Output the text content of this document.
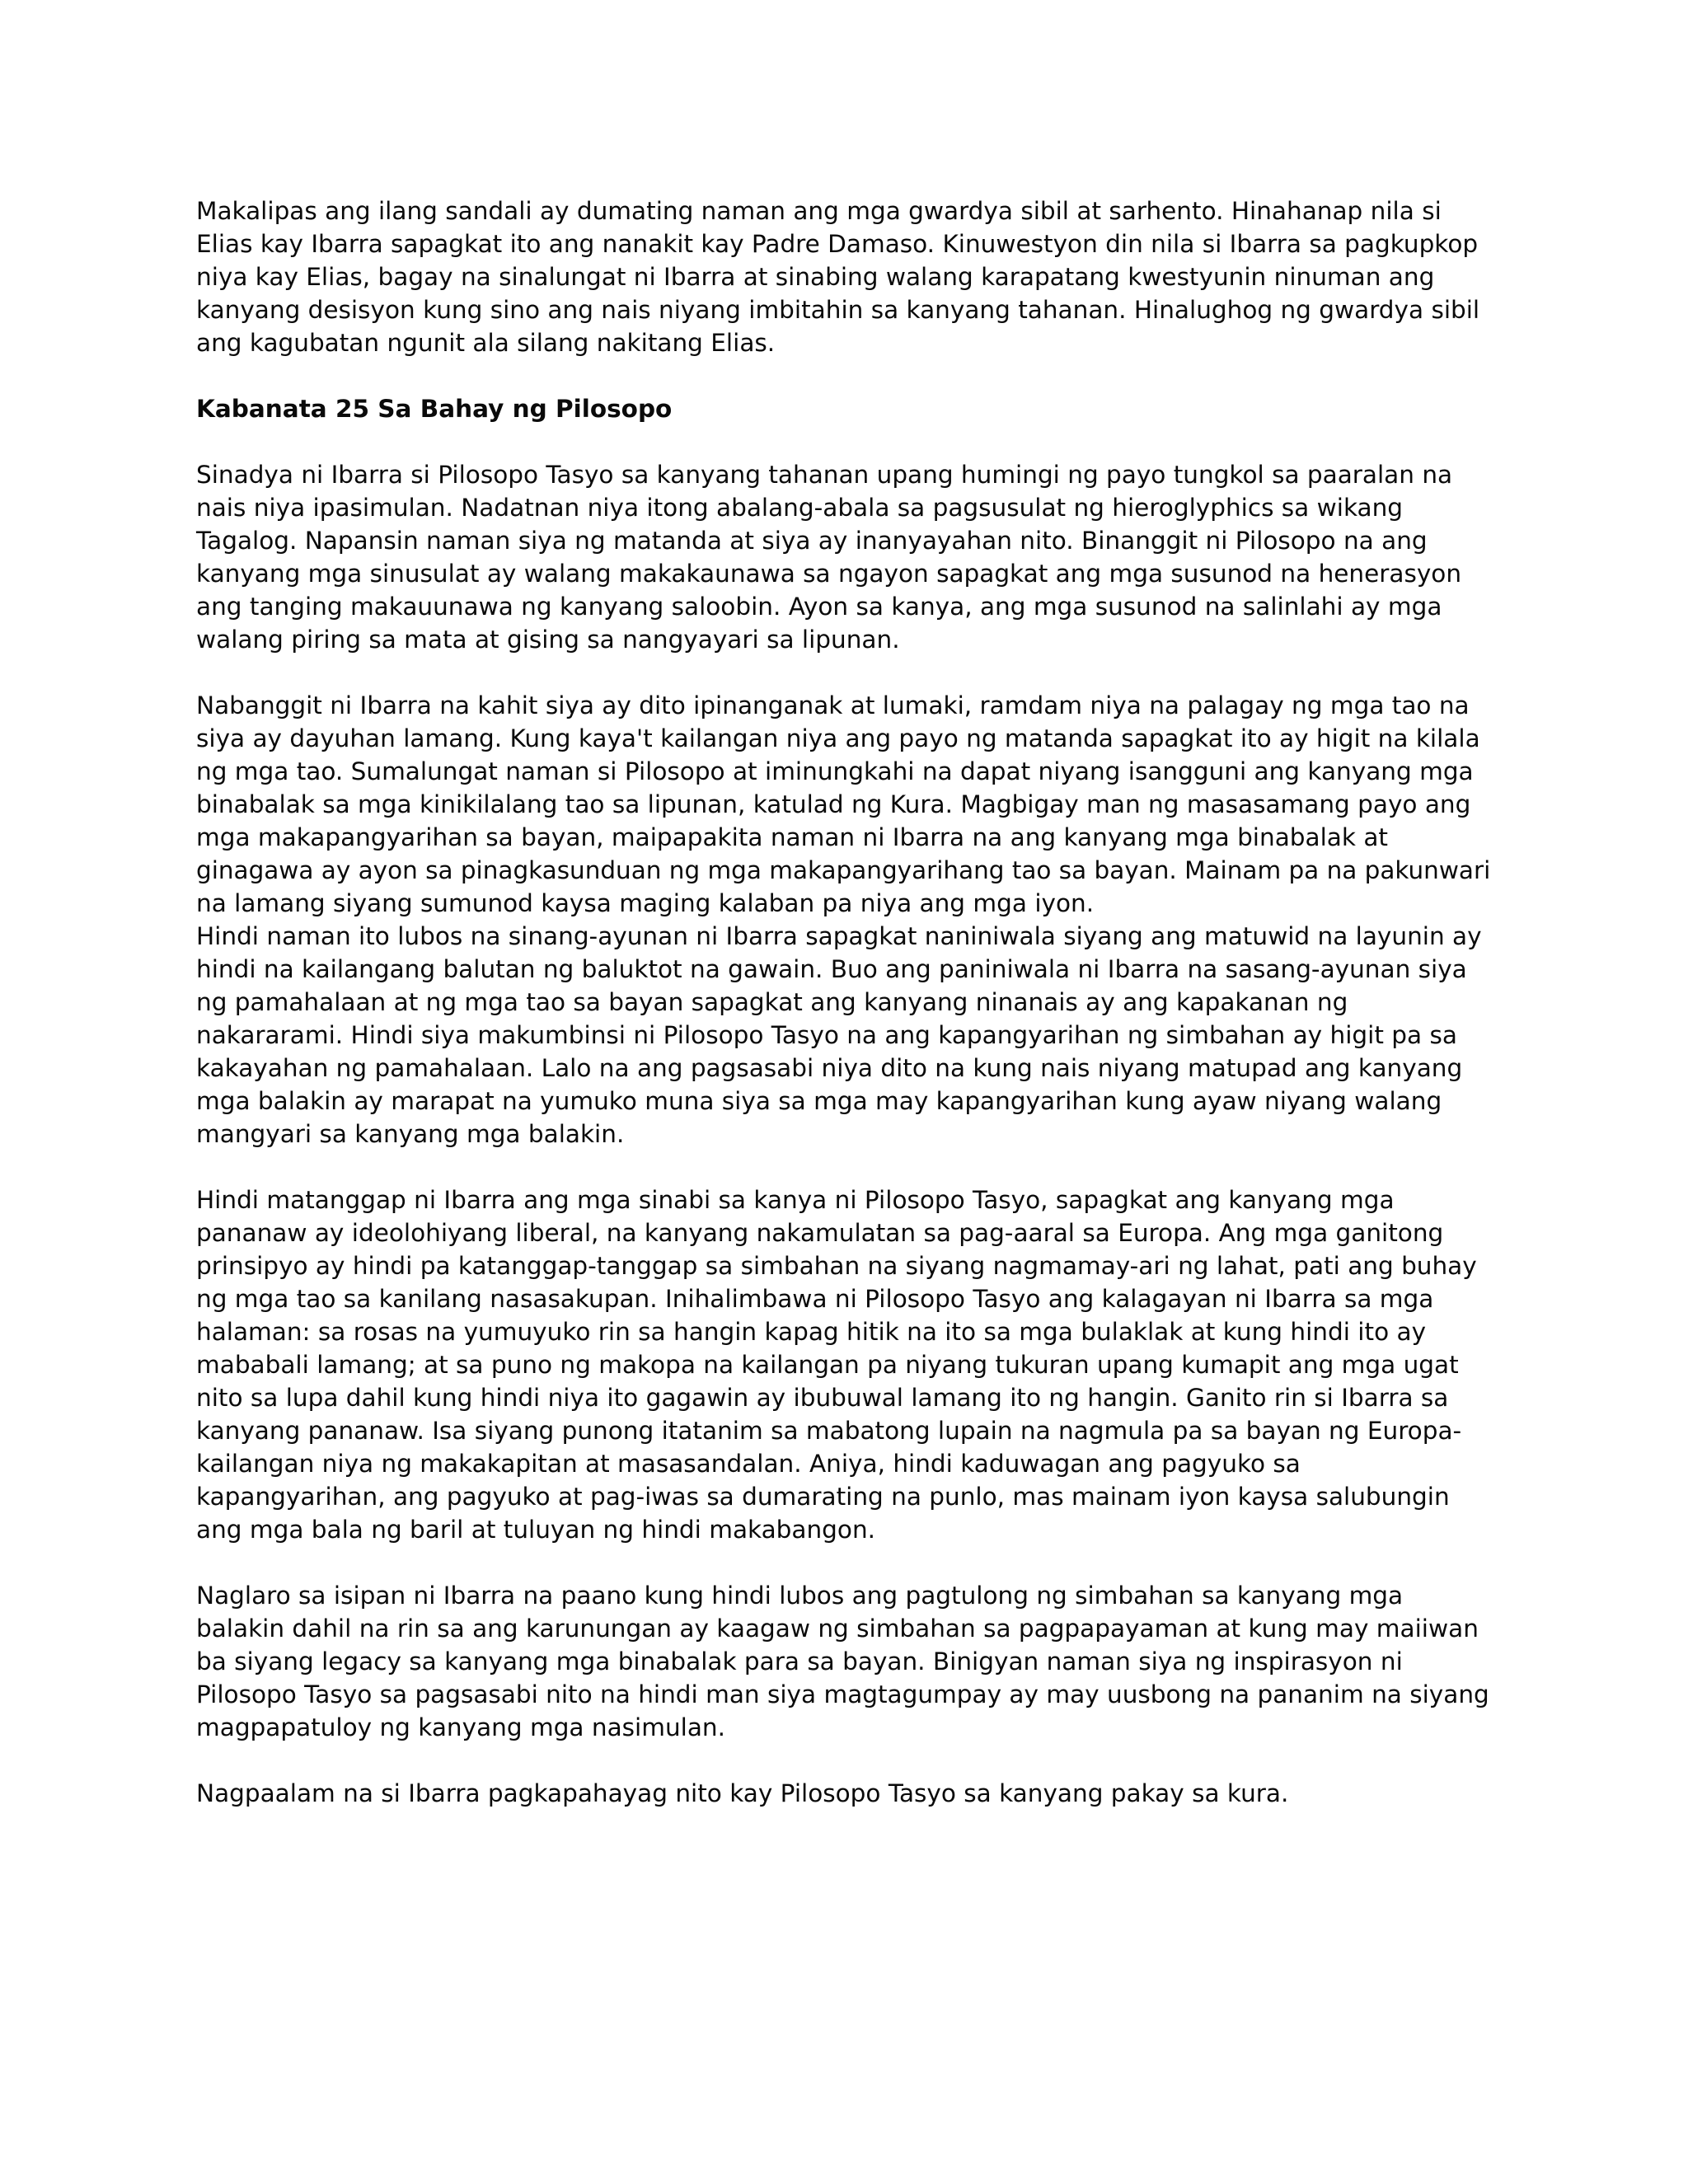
Makalipas ang ilang sandali ay dumating naman ang mga gwardya sibil at sarhento. Hinahanap nila si
Elias kay Ibarra sapagkat ito ang nanakit kay Padre Damaso. Kinuwestyon din nila si Ibarra sa pagkupkop
niya kay Elias, bagay na sinalungat ni Ibarra at sinabing walang karapatang kwestyunin ninuman ang
kanyang desisyon kung sino ang nais niyang imbitahin sa kanyang tahanan. Hinalughog ng gwardya sibil
ang kagubatan ngunit ala silang nakitang Elias.
Kabanata 25 Sa Bahay ng Pilosopo
Sinadya ni Ibarra si Pilosopo Tasyo sa kanyang tahanan upang humingi ng payo tungkol sa paaralan na
nais niya ipasimulan. Nadatnan niya itong abalang-abala sa pagsusulat ng hieroglyphics sa wikang
Tagalog. Napansin naman siya ng matanda at siya ay inanyayahan nito. Binanggit ni Pilosopo na ang
kanyang mga sinusulat ay walang makakaunawa sa ngayon sapagkat ang mga susunod na henerasyon
ang tanging makauunawa ng kanyang saloobin. Ayon sa kanya, ang mga susunod na salinlahi ay mga
walang piring sa mata at gising sa nangyayari sa lipunan.
Nabanggit ni Ibarra na kahit siya ay dito ipinanganak at lumaki, ramdam niya na palagay ng mga tao na
siya ay dayuhan lamang. Kung kaya't kailangan niya ang payo ng matanda sapagkat ito ay higit na kilala
ng mga tao. Sumalungat naman si Pilosopo at iminungkahi na dapat niyang isangguni ang kanyang mga
binabalak sa mga kinikilalang tao sa lipunan, katulad ng Kura. Magbigay man ng masasamang payo ang
mga makapangyarihan sa bayan, maipapakita naman ni Ibarra na ang kanyang mga binabalak at
ginagawa ay ayon sa pinagkasunduan ng mga makapangyarihang tao sa bayan. Mainam pa na pakunwari
na lamang siyang sumunod kaysa maging kalaban pa niya ang mga iyon.
Hindi naman ito lubos na sinang-ayunan ni Ibarra sapagkat naniniwala siyang ang matuwid na layunin ay
hindi na kailangang balutan ng baluktot na gawain. Buo ang paniniwala ni Ibarra na sasang-ayunan siya
ng pamahalaan at ng mga tao sa bayan sapagkat ang kanyang ninanais ay ang kapakanan ng
nakararami. Hindi siya makumbinsi ni Pilosopo Tasyo na ang kapangyarihan ng simbahan ay higit pa sa
kakayahan ng pamahalaan. Lalo na ang pagsasabi niya dito na kung nais niyang matupad ang kanyang
mga balakin ay marapat na yumuko muna siya sa mga may kapangyarihan kung ayaw niyang walang
mangyari sa kanyang mga balakin.
Hindi matanggap ni Ibarra ang mga sinabi sa kanya ni Pilosopo Tasyo, sapagkat ang kanyang mga
pananaw ay ideolohiyang liberal, na kanyang nakamulatan sa pag-aaral sa Europa. Ang mga ganitong
prinsipyo ay hindi pa katanggap-tanggap sa simbahan na siyang nagmamay-ari ng lahat, pati ang buhay
ng mga tao sa kanilang nasasakupan. Inihalimbawa ni Pilosopo Tasyo ang kalagayan ni Ibarra sa mga
halaman: sa rosas na yumuyuko rin sa hangin kapag hitik na ito sa mga bulaklak at kung hindi ito ay
mababali lamang; at sa puno ng makopa na kailangan pa niyang tukuran upang kumapit ang mga ugat
nito sa lupa dahil kung hindi niya ito gagawin ay ibubuwal lamang ito ng hangin. Ganito rin si Ibarra sa
kanyang pananaw. Isa siyang punong itatanim sa mabatong lupain na nagmula pa sa bayan ng Europa-
kailangan niya ng makakapitan at masasandalan. Aniya, hindi kaduwagan ang pagyuko sa
kapangyarihan, ang pagyuko at pag-iwas sa dumarating na punlo, mas mainam iyon kaysa salubungin
ang mga bala ng baril at tuluyan ng hindi makabangon.
Naglaro sa isipan ni Ibarra na paano kung hindi lubos ang pagtulong ng simbahan sa kanyang mga
balakin dahil na rin sa ang karunungan ay kaagaw ng simbahan sa pagpapayaman at kung may maiiwan
ba siyang legacy sa kanyang mga binabalak para sa bayan. Binigyan naman siya ng inspirasyon ni
Pilosopo Tasyo sa pagsasabi nito na hindi man siya magtagumpay ay may uusbong na pananim na siyang
magpapatuloy ng kanyang mga nasimulan.
Nagpaalam na si Ibarra pagkapahayag nito kay Pilosopo Tasyo sa kanyang pakay sa kura.
